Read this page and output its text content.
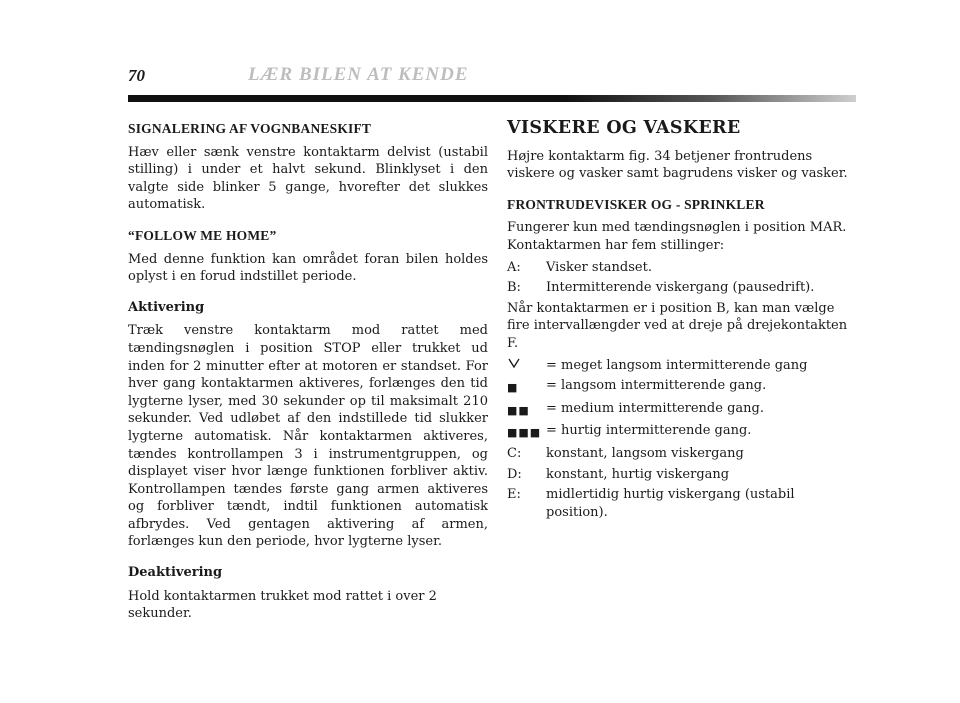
70	LÆR BILEN AT KENDE
SIGNALERING AF VOGNBANESKIFT

Hæv eller sænk venstre kontaktarm delvist (ustabil stilling) i under et halvt sekund. Blinklyset i den valgte side blinker 5 gange, hvorefter det slukkes automatisk.

“FOLLOW ME HOME”

Med denne funktion kan området foran bilen holdes oplyst i en forud indstillet periode.

Aktivering

Træk venstre kontaktarm mod rattet med tændingsnøglen i position STOP eller trukket ud inden for 2 minutter efter at motoren er standset. For hver gang kontaktarmen aktiveres, forlænges den tid lygterne lyser, med 30 sekunder op til maksimalt 210 sekunder. Ved udløbet af den indstillede tid slukker lygterne automatisk. Når kontaktarmen aktiveres, tændes kontrollampen 3 i instrumentgruppen, og displayet viser hvor længe funktionen forbliver aktiv. Kontrollampen tændes første gang armen aktiveres og forbliver tændt, indtil funktionen automatisk afbrydes. Ved gentagen aktivering af armen, forlænges kun den periode, hvor lygterne lyser.

Deaktivering

Hold kontaktarmen trukket mod rattet i over 2 sekunder.

VISKERE OG VASKERE

Højre kontaktarm fig. 34 betjener frontrudens viskere og vasker samt bagrudens visker og vasker.

FRONTRUDEVISKER OG - SPRINKLER

Fungerer kun med tændingsnøglen i position MAR. Kontaktarmen har fem stillinger:

A:	Visker standset.
B:	Intermitterende viskergang (pausedrift).

Når kontaktarmen er i position B, kan man vælge fire intervallængder ved at dreje på drejekontakten F.

= meget langsom intermitterende gang
■	= langsom intermitterende gang.
■■	= medium intermitterende gang.
■■■ = hurtig intermitterende gang.
C:	konstant, langsom viskergang
D:	konstant, hurtig viskergang
E:	midlertidig hurtig viskergang (ustabil position).
